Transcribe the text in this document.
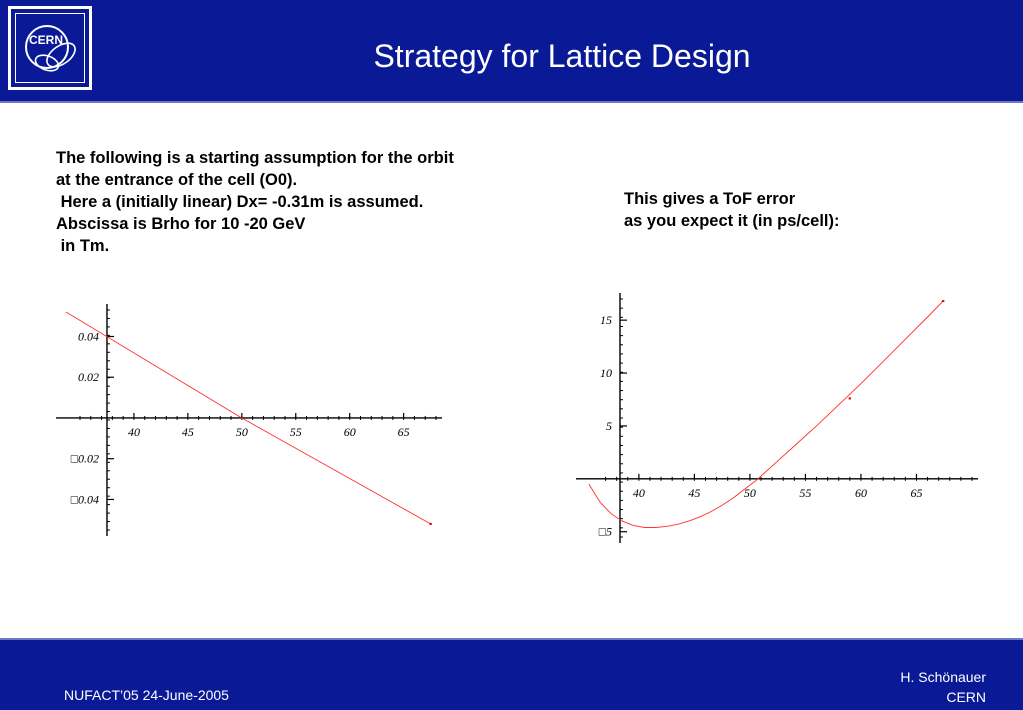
CERN	Strategy for Lattice Design
The following is a starting assumption for the orbit
at the entrance of the cell (O0).
Here a (initially linear) Dx= -0.31m is assumed.
Abscissa is Brho for 10 -20 GeV
in Tm.
This gives a ToF error
as you expect it (in ps/cell):
40	45	50	55	60	65
0.04
0.02
□0.02
□0.04	40	45	50	55	60	65
15
10
5
□5
NUFACT’05 24-June-2005
H. Schönauer
CERN
